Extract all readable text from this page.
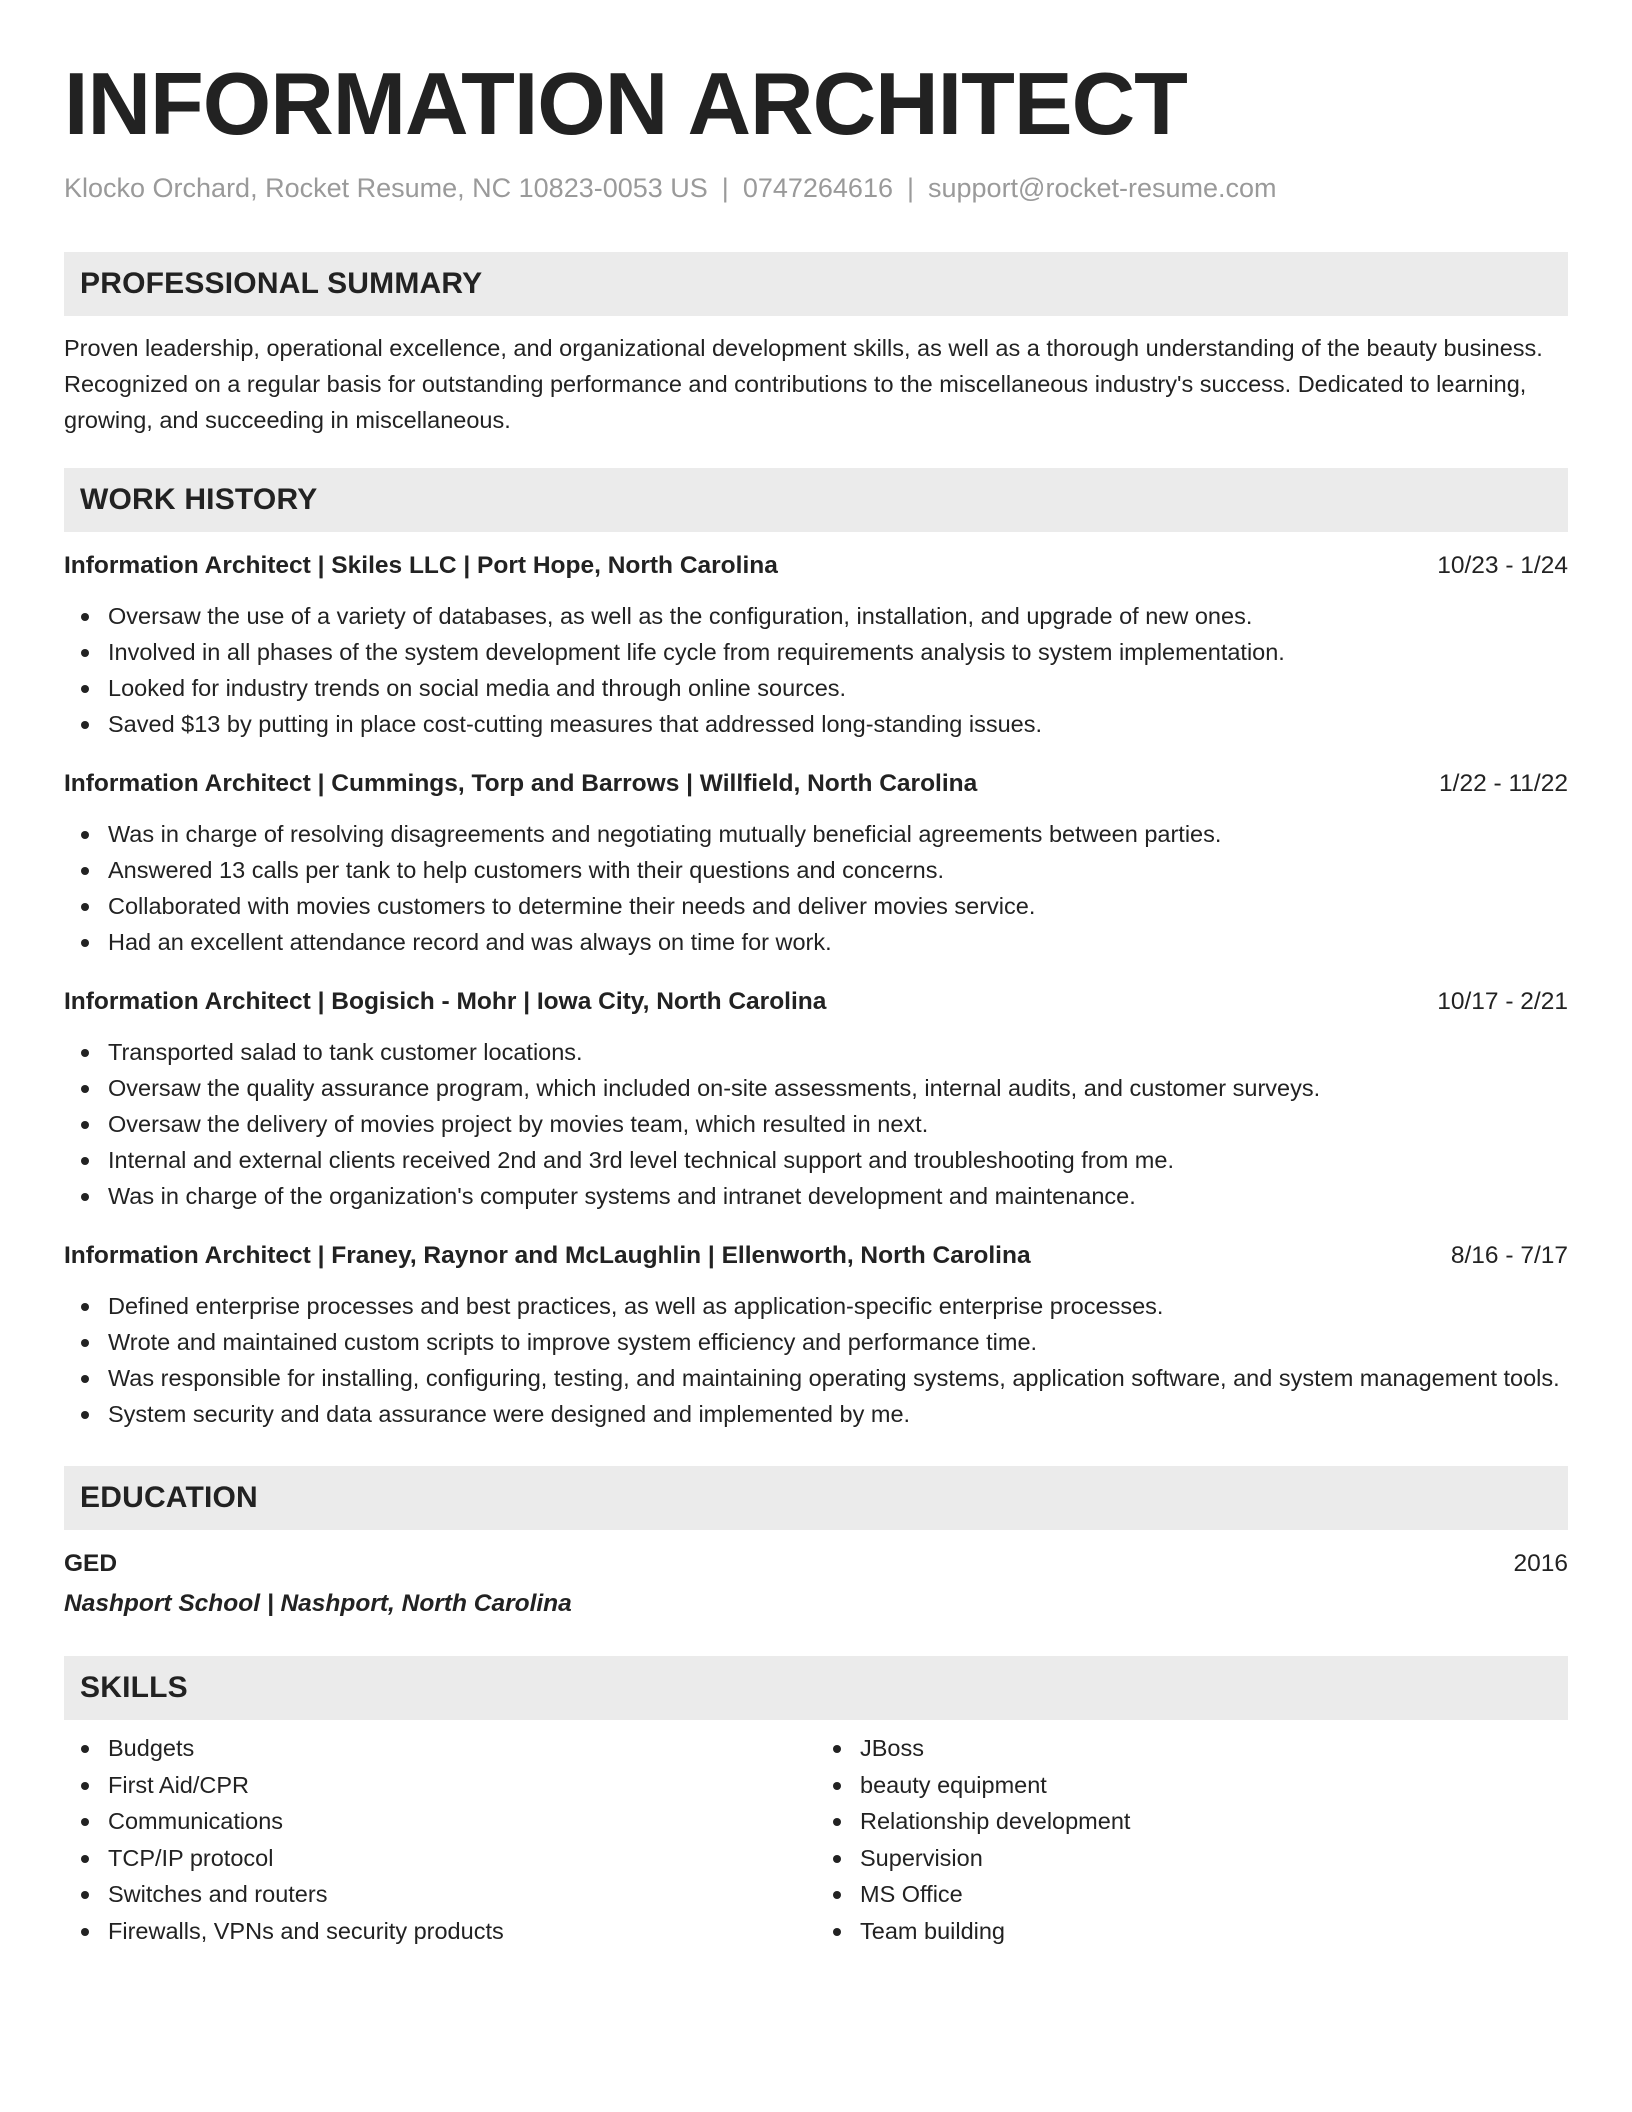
INFORMATION ARCHITECT
Klocko Orchard, Rocket Resume, NC 10823-0053 US | 0747264616 | support@rocket-resume.com
PROFESSIONAL SUMMARY
Proven leadership, operational excellence, and organizational development skills, as well as a thorough understanding of the beauty business. Recognized on a regular basis for outstanding performance and contributions to the miscellaneous industry's success. Dedicated to learning, growing, and succeeding in miscellaneous.
WORK HISTORY
Information Architect | Skiles LLC | Port Hope, North Carolina	10/23 - 1/24
Oversaw the use of a variety of databases, as well as the configuration, installation, and upgrade of new ones.
Involved in all phases of the system development life cycle from requirements analysis to system implementation.
Looked for industry trends on social media and through online sources.
Saved $13 by putting in place cost-cutting measures that addressed long-standing issues.
Information Architect | Cummings, Torp and Barrows | Willfield, North Carolina	1/22 - 11/22
Was in charge of resolving disagreements and negotiating mutually beneficial agreements between parties.
Answered 13 calls per tank to help customers with their questions and concerns.
Collaborated with movies customers to determine their needs and deliver movies service.
Had an excellent attendance record and was always on time for work.
Information Architect | Bogisich - Mohr | Iowa City, North Carolina	10/17 - 2/21
Transported salad to tank customer locations.
Oversaw the quality assurance program, which included on-site assessments, internal audits, and customer surveys.
Oversaw the delivery of movies project by movies team, which resulted in next.
Internal and external clients received 2nd and 3rd level technical support and troubleshooting from me.
Was in charge of the organization's computer systems and intranet development and maintenance.
Information Architect | Franey, Raynor and McLaughlin | Ellenworth, North Carolina	8/16 - 7/17
Defined enterprise processes and best practices, as well as application-specific enterprise processes.
Wrote and maintained custom scripts to improve system efficiency and performance time.
Was responsible for installing, configuring, testing, and maintaining operating systems, application software, and system management tools.
System security and data assurance were designed and implemented by me.
EDUCATION
GED	2016
Nashport School | Nashport, North Carolina
SKILLS
Budgets
First Aid/CPR
Communications
TCP/IP protocol
Switches and routers
Firewalls, VPNs and security products
JBoss
beauty equipment
Relationship development
Supervision
MS Office
Team building
